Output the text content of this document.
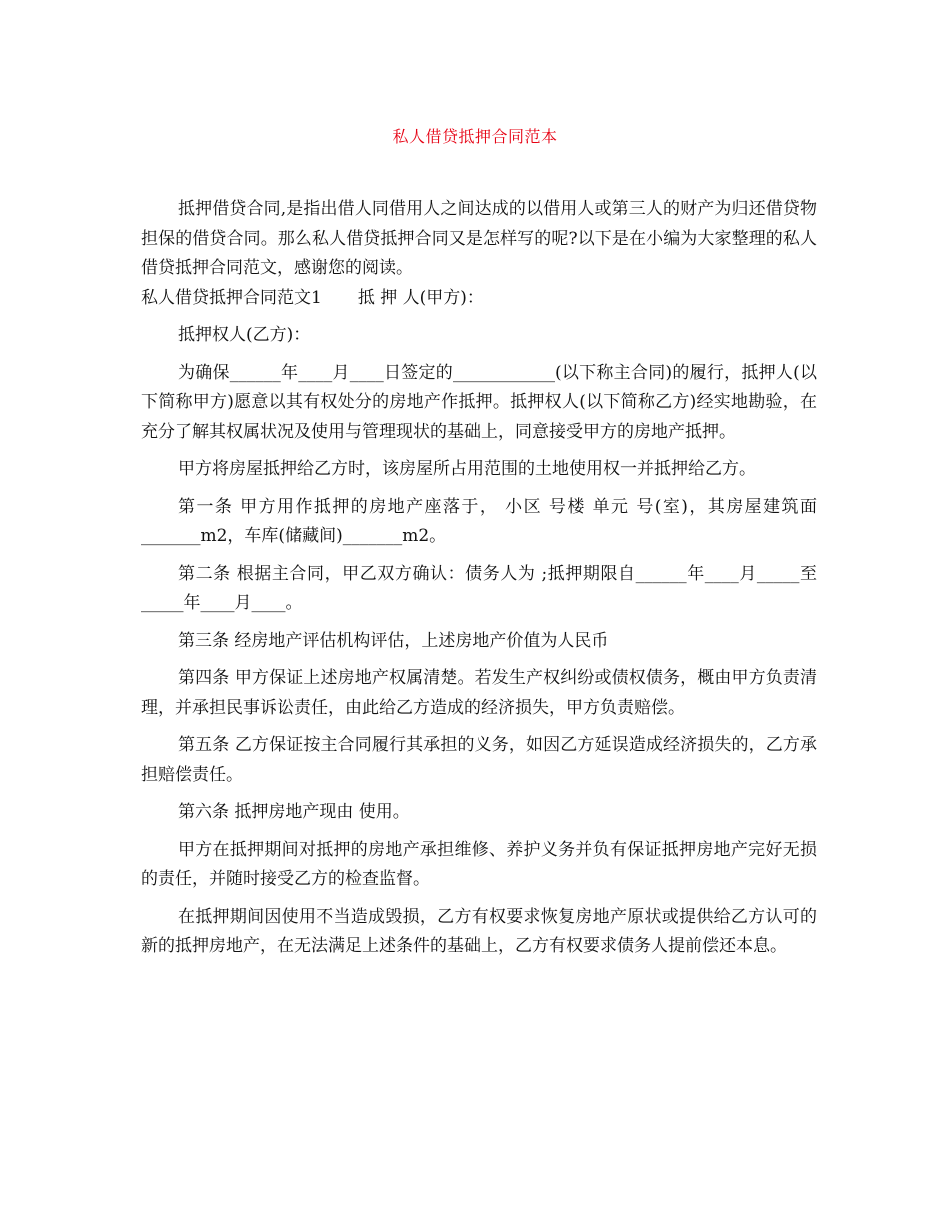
私人借贷抵押合同范本

抵押借贷合同,是指出借人同借用人之间达成的以借用人或第三人的财产为归还借贷物担保的借贷合同。那么私人借贷抵押合同又是怎样写的呢?以下是在小编为大家整理的私人借贷抵押合同范文，感谢您的阅读。

私人借贷抵押合同范文1 抵 押 人(甲方)：

抵押权人(乙方)：

为确保______年____月____日签定的____________(以下称主合同)的履行，抵押人(以下简称甲方)愿意以其有权处分的房地产作抵押。抵押权人(以下简称乙方)经实地勘验，在充分了解其权属状况及使用与管理现状的基础上，同意接受甲方的房地产抵押。

甲方将房屋抵押给乙方时，该房屋所占用范围的土地使用权一并抵押给乙方。

第一条 甲方用作抵押的房地产座落于， 小区 号楼 单元 号(室)，其房屋建筑面_______m2，车库(储藏间)_______m2。

第二条 根据主合同，甲乙双方确认：债务人为 ;抵押期限自______年____月_____至_____年____月____。

第三条 经房地产评估机构评估，上述房地产价值为人民币

第四条 甲方保证上述房地产权属清楚。若发生产权纠纷或债权债务，概由甲方负责清理，并承担民事诉讼责任，由此给乙方造成的经济损失，甲方负责赔偿。

第五条 乙方保证按主合同履行其承担的义务，如因乙方延误造成经济损失的，乙方承担赔偿责任。

第六条 抵押房地产现由 使用。

甲方在抵押期间对抵押的房地产承担维修、养护义务并负有保证抵押房地产完好无损的责任，并随时接受乙方的检查监督。

在抵押期间因使用不当造成毁损，乙方有权要求恢复房地产原状或提供给乙方认可的新的抵押房地产，在无法满足上述条件的基础上，乙方有权要求债务人提前偿还本息。
